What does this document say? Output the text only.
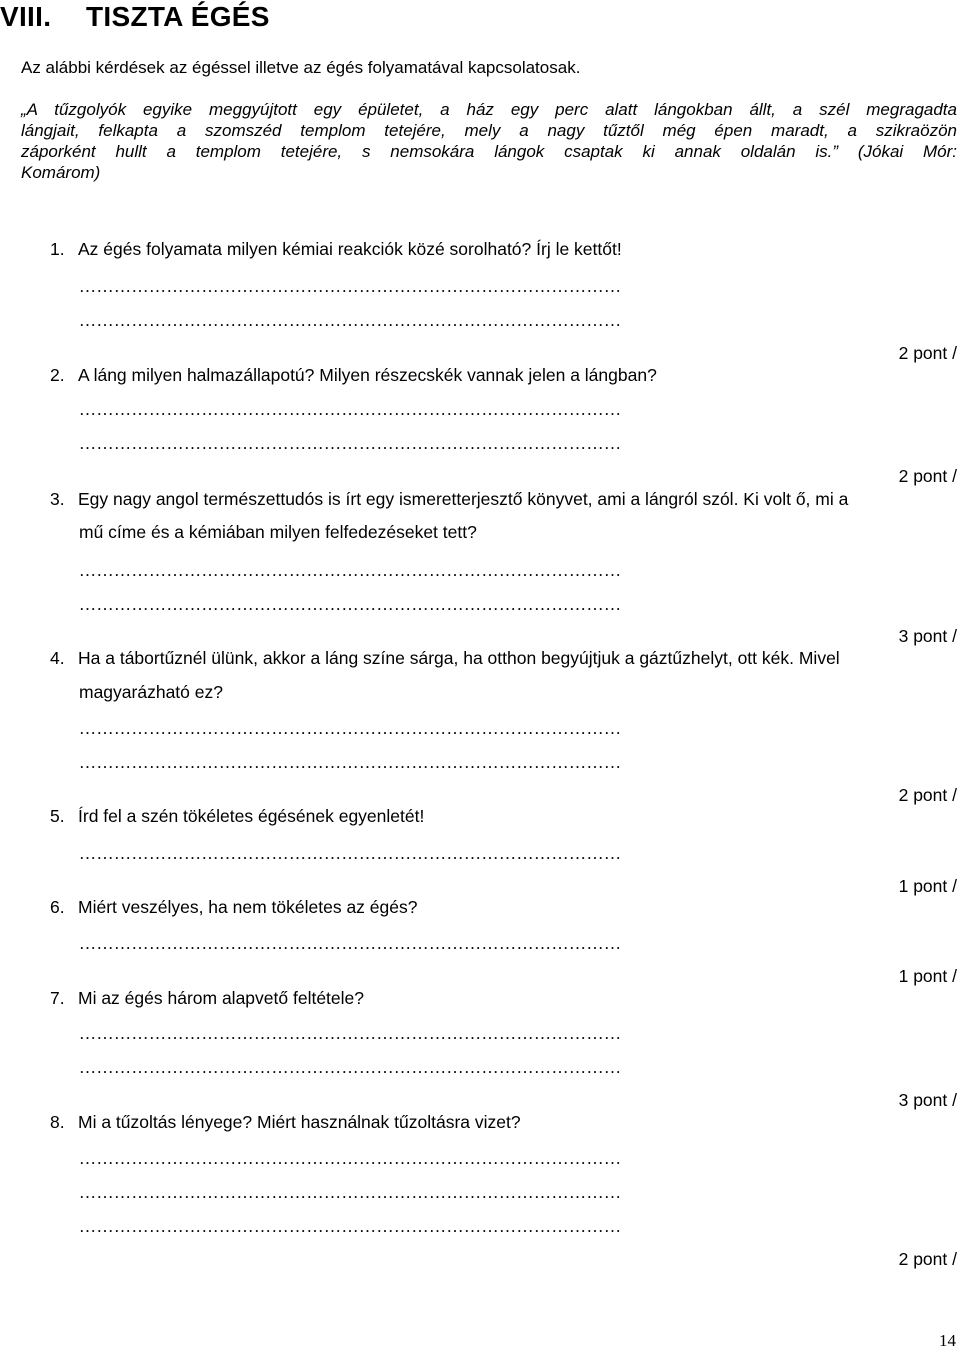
VIII. TISZTA ÉGÉS
Az alábbi kérdések az égéssel illetve az égés folyamatával kapcsolatosak.
„A tűzgolyók egyike meggyújtott egy épületet, a ház egy perc alatt lángokban állt, a szél megragadta
lángjait, felkapta a szomszéd templom tetejére, mely a nagy tűztől még épen maradt, a szikraözön
záporként hullt a templom tetejére, s nemsokára lángok csaptak ki annak oldalán is.” (Jókai Mór:
Komárom)
1. Az égés folyamata milyen kémiai reakciók közé sorolható? Írj le kettőt!
…………………………………………………………………………………
…………………………………………………………………………………
2 pont /
2. A láng milyen halmazállapotú? Milyen részecskék vannak jelen a lángban?
…………………………………………………………………………………
…………………………………………………………………………………
2 pont /
3. Egy nagy angol természettudós is írt egy ismeretterjesztő könyvet, ami a lángról szól. Ki volt ő, mi a
mű címe és a kémiában milyen felfedezéseket tett?
…………………………………………………………………………………
…………………………………………………………………………………
3 pont /
4. Ha a tábortűznél ülünk, akkor a láng színe sárga, ha otthon begyújtjuk a gáztűzhelyt, ott kék. Mivel
magyarázható ez?
…………………………………………………………………………………
…………………………………………………………………………………
2 pont /
5. Írd fel a szén tökéletes égésének egyenletét!
…………………………………………………………………………………
1 pont /
6. Miért veszélyes, ha nem tökéletes az égés?
…………………………………………………………………………………
1 pont /
7. Mi az égés három alapvető feltétele?
…………………………………………………………………………………
…………………………………………………………………………………
3 pont /
8. Mi a tűzoltás lényege? Miért használnak tűzoltásra vizet?
…………………………………………………………………………………
…………………………………………………………………………………
…………………………………………………………………………………
2 pont /
14
